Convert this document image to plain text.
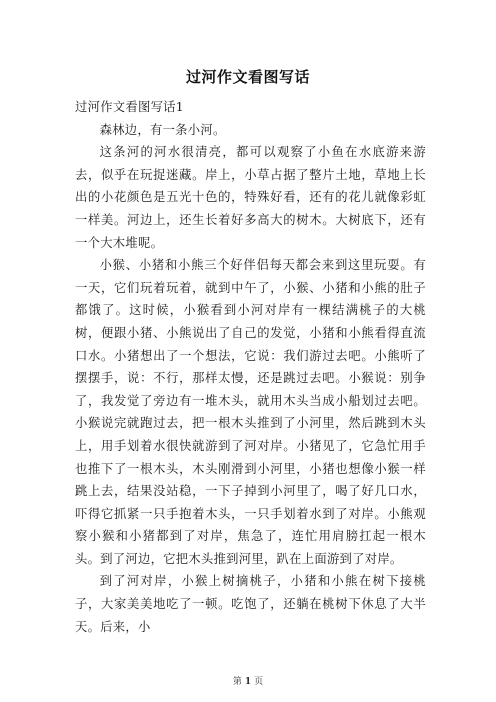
过河作文看图写话

过河作文看图写话1

森林边，有一条小河。

这条河的河水很清亮，都可以观察了小鱼在水底游来游去，似乎在玩捉迷藏。岸上，小草占据了整片土地，草地上长出的小花颜色是五光十色的，特殊好看，还有的花儿就像彩虹一样美。河边上，还生长着好多高大的树木。大树底下，还有一个大木堆呢。

小猴、小猪和小熊三个好伴侣每天都会来到这里玩耍。有一天，它们玩着玩着，就到中午了，小猴、小猪和小熊的肚子都饿了。这时候，小猴看到小河对岸有一棵结满桃子的大桃树，便跟小猪、小熊说出了自己的发觉，小猪和小熊看得直流口水。小猪想出了一个想法，它说：我们游过去吧。小熊听了摆摆手，说：不行，那样太慢，还是跳过去吧。小猴说：别争了，我发觉了旁边有一堆木头，就用木头当成小船划过去吧。小猴说完就跑过去，把一根木头推到了小河里，然后跳到木头上，用手划着水很快就游到了河对岸。小猪见了，它急忙用手也推下了一根木头，木头刚滑到小河里，小猪也想像小猴一样跳上去，结果没站稳，一下子掉到小河里了，喝了好几口水，吓得它抓紧一只手抱着木头，一只手划着水到了对岸。小熊观察小猴和小猪都到了对岸，焦急了，连忙用肩膀扛起一根木头。到了河边，它把木头推到河里，趴在上面游到了对岸。

到了河对岸，小猴上树摘桃子，小猪和小熊在树下接桃子，大家美美地吃了一顿。吃饱了，还躺在桃树下休息了大半天。后来，小

第 1 页
